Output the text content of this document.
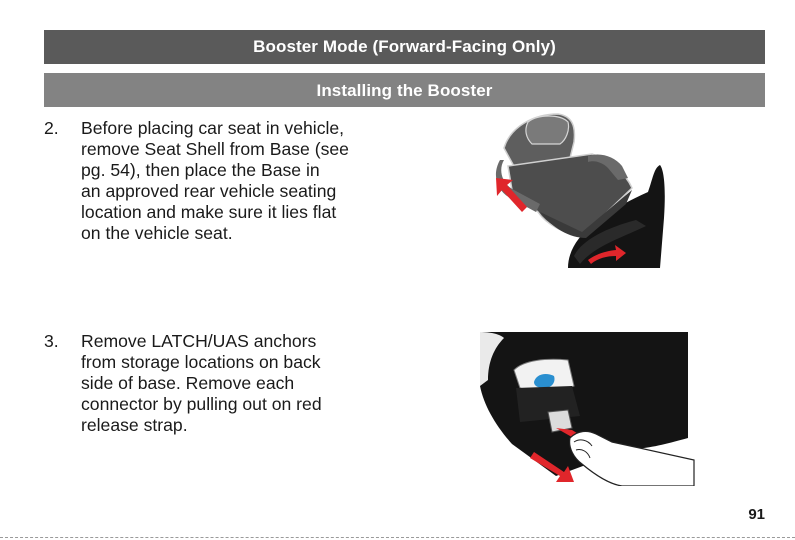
Booster Mode (Forward-Facing Only)
Installing the Booster
2. Before placing car seat in vehicle,
remove Seat Shell from Base (see
pg. 54), then place the Base in
an approved rear vehicle seating
location and make sure it lies flat
on the vehicle seat.
3. Remove LATCH/UAS anchors
from storage locations on back
side of base. Remove each
connector by pulling out on red
release strap.
91
